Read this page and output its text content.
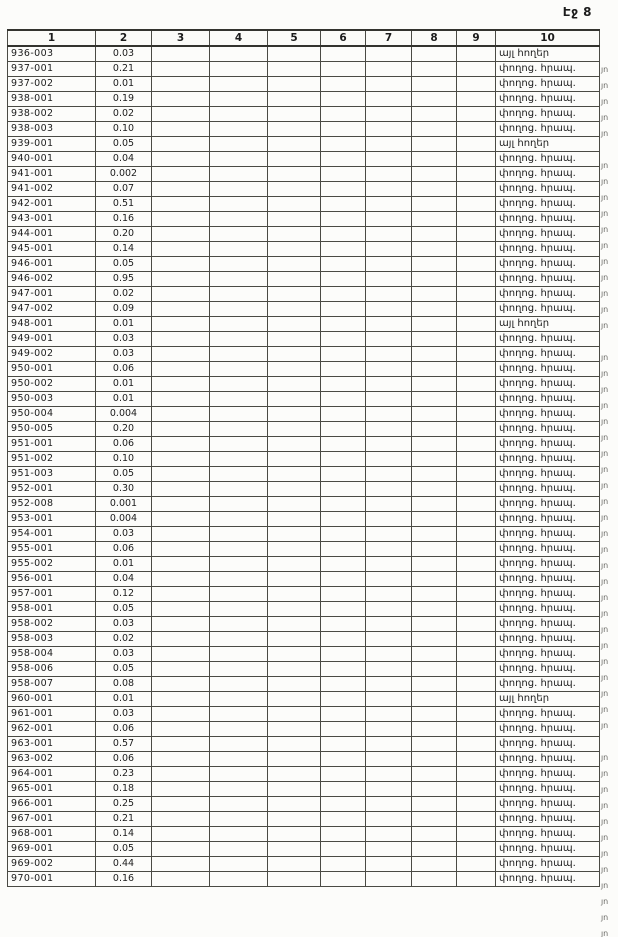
Էջ 8
1	2	3	4	5	6	7	8	9	10
936-003	0.03								այլ հողեր
937-001	0.21								փողոց. հրապ.
937-002	0.01								փողոց. հրապ.
938-001	0.19								փողոց. հրապ.
938-002	0.02								փողոց. հրապ.
938-003	0.10								փողոց. հրապ.
939-001	0.05								այլ հողեր
940-001	0.04								փողոց. հրապ.
941-001	0.002								փողոց. հրապ.
941-002	0.07								փողոց. հրապ.
942-001	0.51								փողոց. հրապ.
943-001	0.16								փողոց. հրապ.
944-001	0.20								փողոց. հրապ.
945-001	0.14								փողոց. հրապ.
946-001	0.05								փողոց. հրապ.
946-002	0.95								փողոց. հրապ.
947-001	0.02								փողոց. հրապ.
947-002	0.09								փողոց. հրապ.
948-001	0.01								այլ հողեր
949-001	0.03								փողոց. հրապ.
949-002	0.03								փողոց. հրապ.
950-001	0.06								փողոց. հրապ.
950-002	0.01								փողոց. հրապ.
950-003	0.01								փողոց. հրապ.
950-004	0.004								փողոց. հրապ.
950-005	0.20								փողոց. հրապ.
951-001	0.06								փողոց. հրապ.
951-002	0.10								փողոց. հրապ.
951-003	0.05								փողոց. հրապ.
952-001	0.30								փողոց. հրապ.
952-008	0.001								փողոց. հրապ.
953-001	0.004								փողոց. հրապ.
954-001	0.03								փողոց. հրապ.
955-001	0.06								փողոց. հրապ.
955-002	0.01								փողոց. հրապ.
956-001	0.04								փողոց. հրապ.
957-001	0.12								փողոց. հրապ.
958-001	0.05								փողոց. հրապ.
958-002	0.03								փողոց. հրապ.
958-003	0.02								փողոց. հրապ.
958-004	0.03								փողոց. հրապ.
958-006	0.05								փողոց. հրապ.
958-007	0.08								փողոց. հրապ.
960-001	0.01								այլ հողեր
961-001	0.03								փողոց. հրապ.
962-001	0.06								փողոց. հրապ.
963-001	0.57								փողոց. հրապ.
963-002	0.06								փողոց. հրապ.
964-001	0.23								փողոց. հրապ.
965-001	0.18								փողոց. հրապ.
966-001	0.25								փողոց. հրապ.
967-001	0.21								փողոց. հրապ.
968-001	0.14								փողոց. հրապ.
969-001	0.05								փողոց. հրապ.
969-002	0.44								փողոց. հրապ.
970-001	0.16								փողոց. հրապ.
յո
յո
յո
յո
յո
յո
յո
յո
յո
յո
յո
յո
յո
յո
յո
յո
յո
յո
յո
յո
յո
յո
յո
յո
յո
յո
յո
յո
յո
յո
յո
յո
յո
յո
յո
յո
յո
յո
յո
յո
յո
յո
յո
յո
յո
յո
յո
յո
յո
յո
յո
յո
